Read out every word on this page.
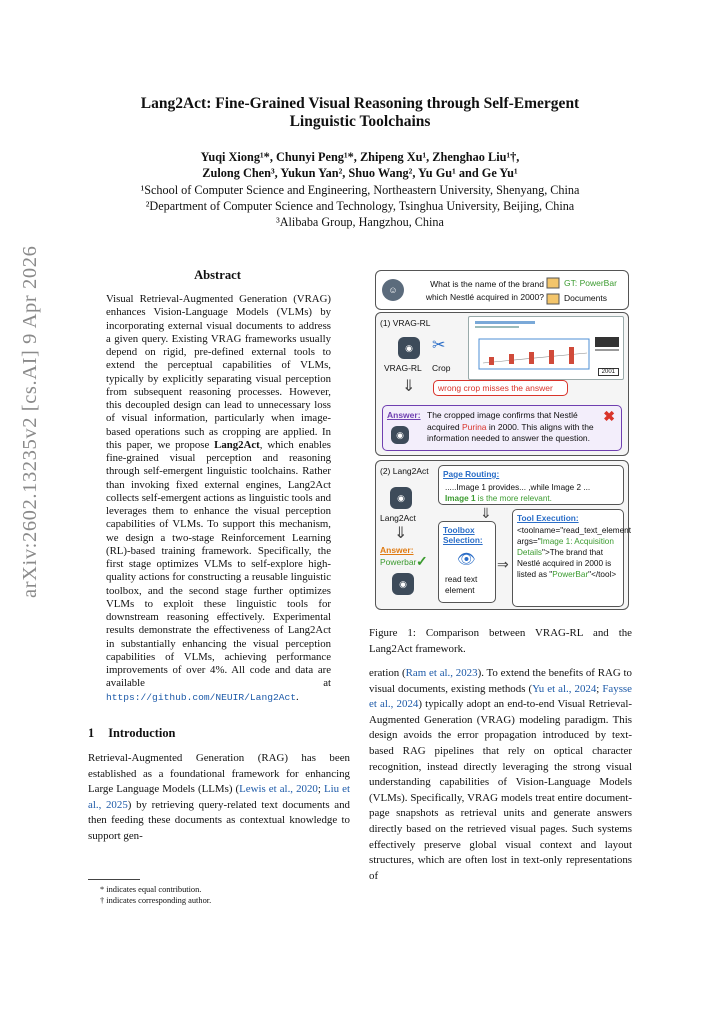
arXiv:2602.13235v2 [cs.AI] 9 Apr 2026
Lang2Act: Fine-Grained Visual Reasoning through Self-Emergent
Linguistic Toolchains
Yuqi Xiong¹*, Chunyi Peng¹*, Zhipeng Xu¹, Zhenghao Liu¹†,
Zulong Chen³, Yukun Yan², Shuo Wang², Yu Gu¹ and Ge Yu¹
¹School of Computer Science and Engineering, Northeastern University, Shenyang, China
²Department of Computer Science and Technology, Tsinghua University, Beijing, China
³Alibaba Group, Hangzhou, China
Abstract
Visual Retrieval-Augmented Generation (VRAG) enhances Vision-Language Models (VLMs) by incorporating external visual documents to address a given query. Existing VRAG frameworks usually depend on rigid, pre-defined external tools to extend the perceptual capabilities of VLMs, typically by explicitly separating visual perception from subsequent reasoning processes. However, this decoupled design can lead to unnecessary loss of visual information, particularly when image-based operations such as cropping are applied. In this paper, we propose Lang2Act, which enables fine-grained visual perception and reasoning through self-emergent linguistic toolchains. Rather than invoking fixed external engines, Lang2Act collects self-emergent actions as linguistic tools and leverages them to enhance the visual perception capabilities of VLMs. To support this mechanism, we design a two-stage Reinforcement Learning (RL)-based training framework. Specifically, the first stage optimizes VLMs to self-explore high-quality actions for constructing a reusable linguistic toolbox, and the second stage further optimizes VLMs to exploit these linguistic tools for downstream reasoning effectively. Experimental results demonstrate the effectiveness of Lang2Act in substantially enhancing the visual perception capabilities of VLMs, achieving performance improvements of over 4%. All code and data are available at https://github.com/NEUIR/Lang2Act.
1 Introduction
Retrieval-Augmented Generation (RAG) has been established as a foundational framework for enhancing Large Language Models (LLMs) (Lewis et al., 2020; Liu et al., 2025) by retrieving query-related text documents and then feeding these documents as contextual knowledge to support gen-
* indicates equal contribution.
† indicates corresponding author.
eration (Ram et al., 2023). To extend the benefits of RAG to visual documents, existing methods (Yu et al., 2024; Faysse et al., 2024) typically adopt an end-to-end Visual Retrieval-Augmented Generation (VRAG) modeling paradigm. This design avoids the error propagation introduced by text-based RAG pipelines that rely on optical character recognition, instead directly leveraging the strong visual understanding capabilities of Vision-Language Models (VLMs). Specifically, VRAG models treat entire document-page snapshots as retrieval units and generate answers directly based on the retrieved visual pages. Such systems effectively preserve global visual context and layout structures, which are often lost in text-only representations of
Figure 1: Comparison between VRAG-RL and the Lang2Act framework.
☺
What is the name of the brand
which Nestlé acquired in 2000?
GT: PowerBar
Documents
(1) VRAG-RL
◉
VRAG-RL
✂
Crop	2001
⇓	wrong crop misses the answer
Answer:
◉
The cropped image confirms that Nestlé acquired Purina in 2000. This aligns with the information needed to answer the question.
✖
(2) Lang2Act
◉
Lang2Act
⇓
Answer:
Powerbar ✓
◉
Page Routing:
.....Image 1 provides... ,while Image 2 ...
Image 1 is the more relevant.
⇓
Toolbox Selection:
👁
read text element
⇒
Tool Execution:
<toolname="read_text_element args="Image 1: Acquisition Details">The brand that Nestlé acquired in 2000 is listed as "PowerBar"</tool>
